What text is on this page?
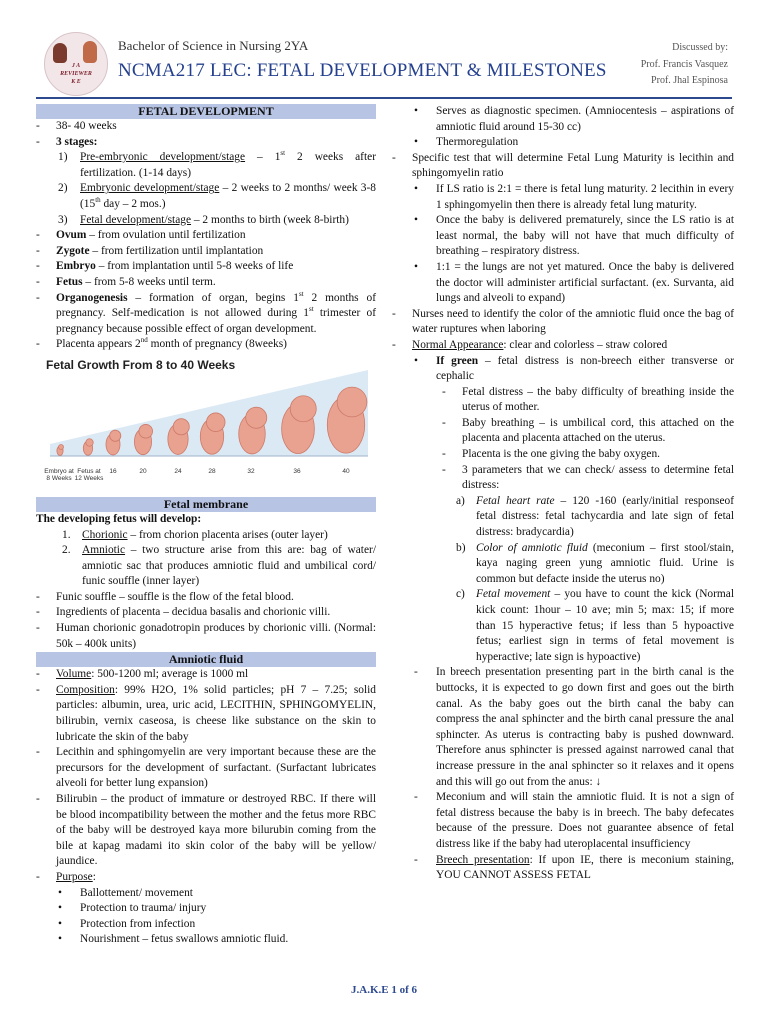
J A
REVIEWER
K E
Bachelor of Science in Nursing 2YA
NCMA217 LEC: FETAL DEVELOPMENT & MILESTONES
Discussed by:
Prof. Francis Vasquez
Prof. Jhal Espinosa
FETAL DEVELOPMENT
- 38- 40 weeks
- 3 stages:
1) Pre-embryonic development/stage – 1st 2 weeks after fertilization. (1-14 days)
2) Embryonic development/stage – 2 weeks to 2 months/ week 3-8 (15th day – 2 mos.)
3) Fetal development/stage – 2 months to birth (week 8-birth)
- Ovum – from ovulation until fertilization
- Zygote – from fertilization until implantation
- Embryo – from implantation until 5-8 weeks of life
- Fetus – from 5-8 weeks until term.
- Organogenesis – formation of organ, begins 1st 2 months of pregnancy. Self-medication is not allowed during 1st trimester of pregnancy because possible effect of organ development.
- Placenta appears 2nd month of pregnancy (8weeks)
Fetal Growth From 8 to 40 Weeks
Embryo at 8 Weeks
Fetus at 12 Weeks
16	20	24	28	32	36	40
Fetal membrane
The developing fetus will develop:
1. Chorionic – from chorion placenta arises (outer layer)
2. Amniotic – two structure arise from this are: bag of water/ amniotic sac that produces amniotic fluid and umbilical cord/ funic souffle (inner layer)
- Funic souffle – souffle is the flow of the fetal blood.
- Ingredients of placenta – decidua basalis and chorionic villi.
- Human chorionic gonadotropin produces by chorionic villi. (Normal: 50k – 400k units)
Amniotic fluid
- Volume: 500-1200 ml; average is 1000 ml
- Composition: 99% H2O, 1% solid particles; pH 7 – 7.25; solid particles: albumin, urea, uric acid, LECITHIN, SPHINGOMYELIN, bilirubin, vernix caseosa, is cheese like substance on the skin to lubricate the skin of the baby
- Lecithin and sphingomyelin are very important because these are the precursors for the development of surfactant. (Surfactant lubricates alveoli for better lung expansion)
- Bilirubin – the product of immature or destroyed RBC. If there will be blood incompatibility between the mother and the fetus more RBC of the baby will be destroyed kaya more bilurubin coming from the bile at kapag madami ito skin color of the baby will be yellow/ jaundice.
- Purpose:
• Ballottement/ movement
• Protection to trauma/ injury
• Protection from infection
• Nourishment – fetus swallows amniotic fluid.
• Serves as diagnostic specimen. (Amniocentesis – aspirations of amniotic fluid around 15-30 cc)
• Thermoregulation
- Specific test that will determine Fetal Lung Maturity is lecithin and sphingomyelin ratio
• If LS ratio is 2:1 = there is fetal lung maturity. 2 lecithin in every 1 sphingomyelin then there is already fetal lung maturity.
• Once the baby is delivered prematurely, since the LS ratio is at least normal, the baby will not have that much difficulty of breathing – respiratory distress.
• 1:1 = the lungs are not yet matured. Once the baby is delivered the doctor will administer artificial surfactant. (ex. Survanta, aid lungs and alveoli to expand)
- Nurses need to identify the color of the amniotic fluid once the bag of water ruptures when laboring
- Normal Appearance: clear and colorless – straw colored
• If green – fetal distress is non-breech either transverse or cephalic
- Fetal distress – the baby difficulty of breathing inside the uterus of mother.
- Baby breathing – is umbilical cord, this attached on the placenta and placenta attached on the uterus.
- Placenta is the one giving the baby oxygen.
- 3 parameters that we can check/ assess to determine fetal distress:
a) Fetal heart rate – 120 -160 (early/initial responseof fetal distress: fetal tachycardia and late sign of fetal distress: bradycardia)
b) Color of amniotic fluid (meconium – first stool/stain, kaya naging green yung amniotic fluid. Urine is common but defacte inside the uterus no)
c) Fetal movement – you have to count the kick (Normal kick count: 1hour – 10 ave; min 5; max: 15; if more than 15 hyperactive fetus; if less than 5 hypoactive fetus; earliest sign in terms of fetal movement is hyperactive; late sign is hypoactive)
- In breech presentation presenting part in the birth canal is the buttocks, it is expected to go down first and goes out the birth canal. As the baby goes out the birth canal the baby can compress the anal sphincter and the birth canal pressure the anal sphincter. As uterus is contracting baby is pushed downward. Therefore anus sphincter is pressed against narrowed canal that increase pressure in the anal sphincter so it relaxes and it opens and this will go out from the anus: ↓
- Meconium and will stain the amniotic fluid. It is not a sign of fetal distress because the baby is in breech. The baby defecates because of the pressure. Does not guarantee absence of fetal distress like if the baby had uteroplacental insufficiency
- Breech presentation: If upon IE, there is meconium staining, YOU CANNOT ASSESS FETAL
J.A.K.E 1 of 6
